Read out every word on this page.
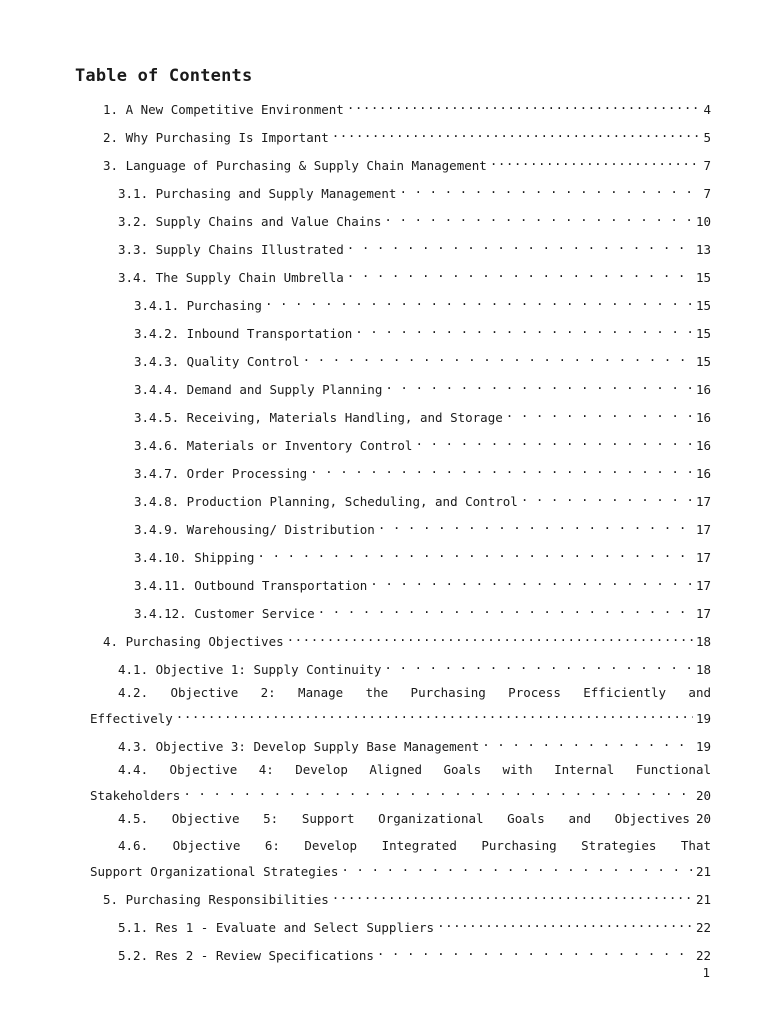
Table of Contents
1. A New Competitive Environment .....	4
2. Why Purchasing Is Important .....	5
3. Language of Purchasing & Supply Chain Management .....	7
3.1. Purchasing and Supply Management . . .	7
3.2. Supply Chains and Value Chains . . .	10
3.3. Supply Chains Illustrated . . .	13
3.4. The Supply Chain Umbrella . . .	15
3.4.1. Purchasing . . .	15
3.4.2. Inbound Transportation . . .	15
3.4.3. Quality Control . . .	15
3.4.4. Demand and Supply Planning . . .	16
3.4.5. Receiving, Materials Handling, and Storage . . .	16
3.4.6. Materials or Inventory Control . . .	16
3.4.7. Order Processing . . .	16
3.4.8. Production Planning, Scheduling, and Control . . .	17
3.4.9. Warehousing/ Distribution . . .	17
3.4.10. Shipping . . .	17
3.4.11. Outbound Transportation . . .	17
3.4.12. Customer Service . . .	17
4. Purchasing Objectives .....	18
4.1. Objective 1: Supply Continuity . . .	18
4.2. Objective 2: Manage the Purchasing Process Efficiently and
Effectively .....	19
4.3. Objective 3: Develop Supply Base Management . . .	19
4.4. Objective 4: Develop Aligned Goals with Internal Functional
Stakeholders . . .	20
4.5. Objective 5: Support Organizational Goals and Objectives 20
4.6. Objective 6: Develop Integrated Purchasing Strategies That
Support Organizational Strategies . . .	21
5. Purchasing Responsibilities .....	21
5.1. Res 1 - Evaluate and Select Suppliers .....	22
5.2. Res 2 - Review Specifications . . .	22
1
